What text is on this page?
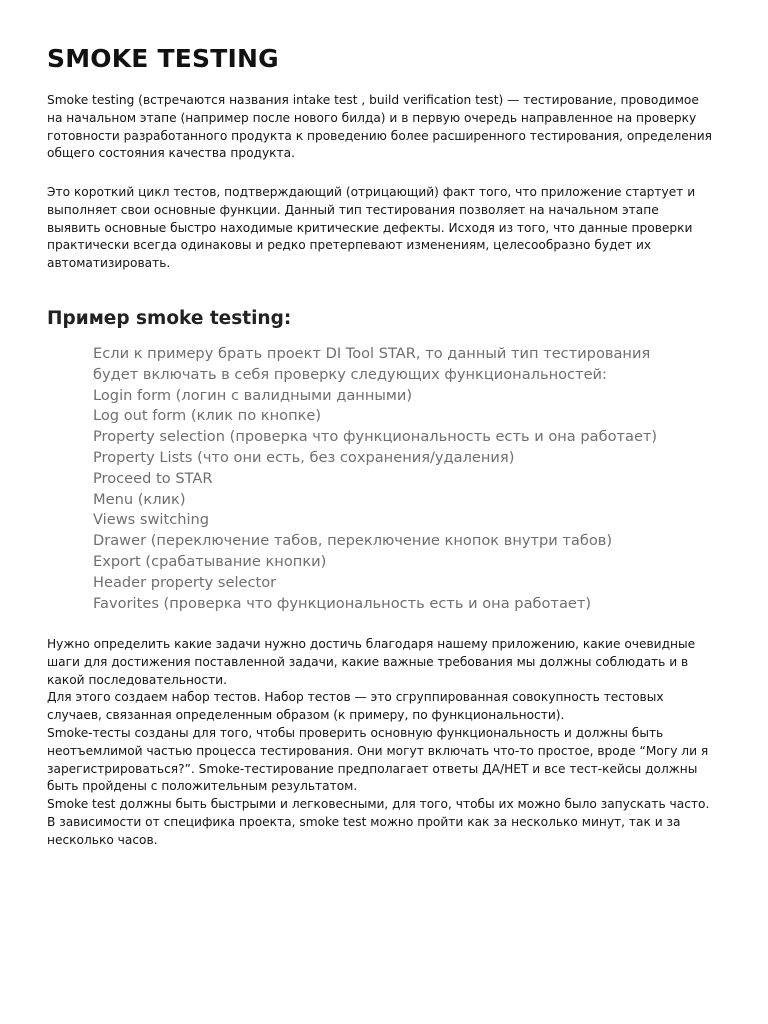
SMOKE TESTING

Smoke testing (встречаются названия intake test , build verification test) — тестирование, проводимое
на начальном этапе (например после нового билда) и в первую очередь направленное на проверку
готовности разработанного продукта к проведению более расширенного тестирования, определения
общего состояния качества продукта.

Это короткий цикл тестов, подтверждающий (отрицающий) факт того, что приложение стартует и
выполняет свои основные функции. Данный тип тестирования позволяет на начальном этапе
выявить основные быстро находимые критические дефекты. Исходя из того, что данные проверки
практически всегда одинаковы и редко претерпевают изменениям, целесообразно будет их
автоматизировать.

Пример smoke testing:
Если к примеру брать проект DI Tool STAR, то данный тип тестирования
будет включать в себя проверку следующих функциональностей:
Login form (логин с валидными данными)
Log out form (клик по кнопке)
Property selection (проверка что функциональность есть и она работает)
Property Lists (что они есть, без сохранения/удаления)
Proceed to STAR
Menu (клик)
Views switching
Drawer (переключение табов, переключение кнопок внутри табов)
Export (срабатывание кнопки)
Header property selector
Favorites (проверка что функциональность есть и она работает)

Нужно определить какие задачи нужно достичь благодаря нашему приложению, какие очевидные
шаги для достижения поставленной задачи, какие важные требования мы должны соблюдать и в
какой последовательности.
Для этого создаем набор тестов. Набор тестов — это сгруппированная совокупность тестовых
случаев, связанная определенным образом (к примеру, по функциональности).
Smoke-тесты созданы для того, чтобы проверить основную функциональность и должны быть
неотъемлимой частью процесса тестирования. Они могут включать что-то простое, вроде “Могу ли я
зарегистрироваться?”. Smoke-тестирование предполагает ответы ДА/НЕТ и все тест-кейсы должны
быть пройдены с положительным результатом.
Smoke test должны быть быстрыми и легковесными, для того, чтобы их можно было запускать часто.
В зависимости от специфика проекта, smoke test можно пройти как за несколько минут, так и за
несколько часов.
